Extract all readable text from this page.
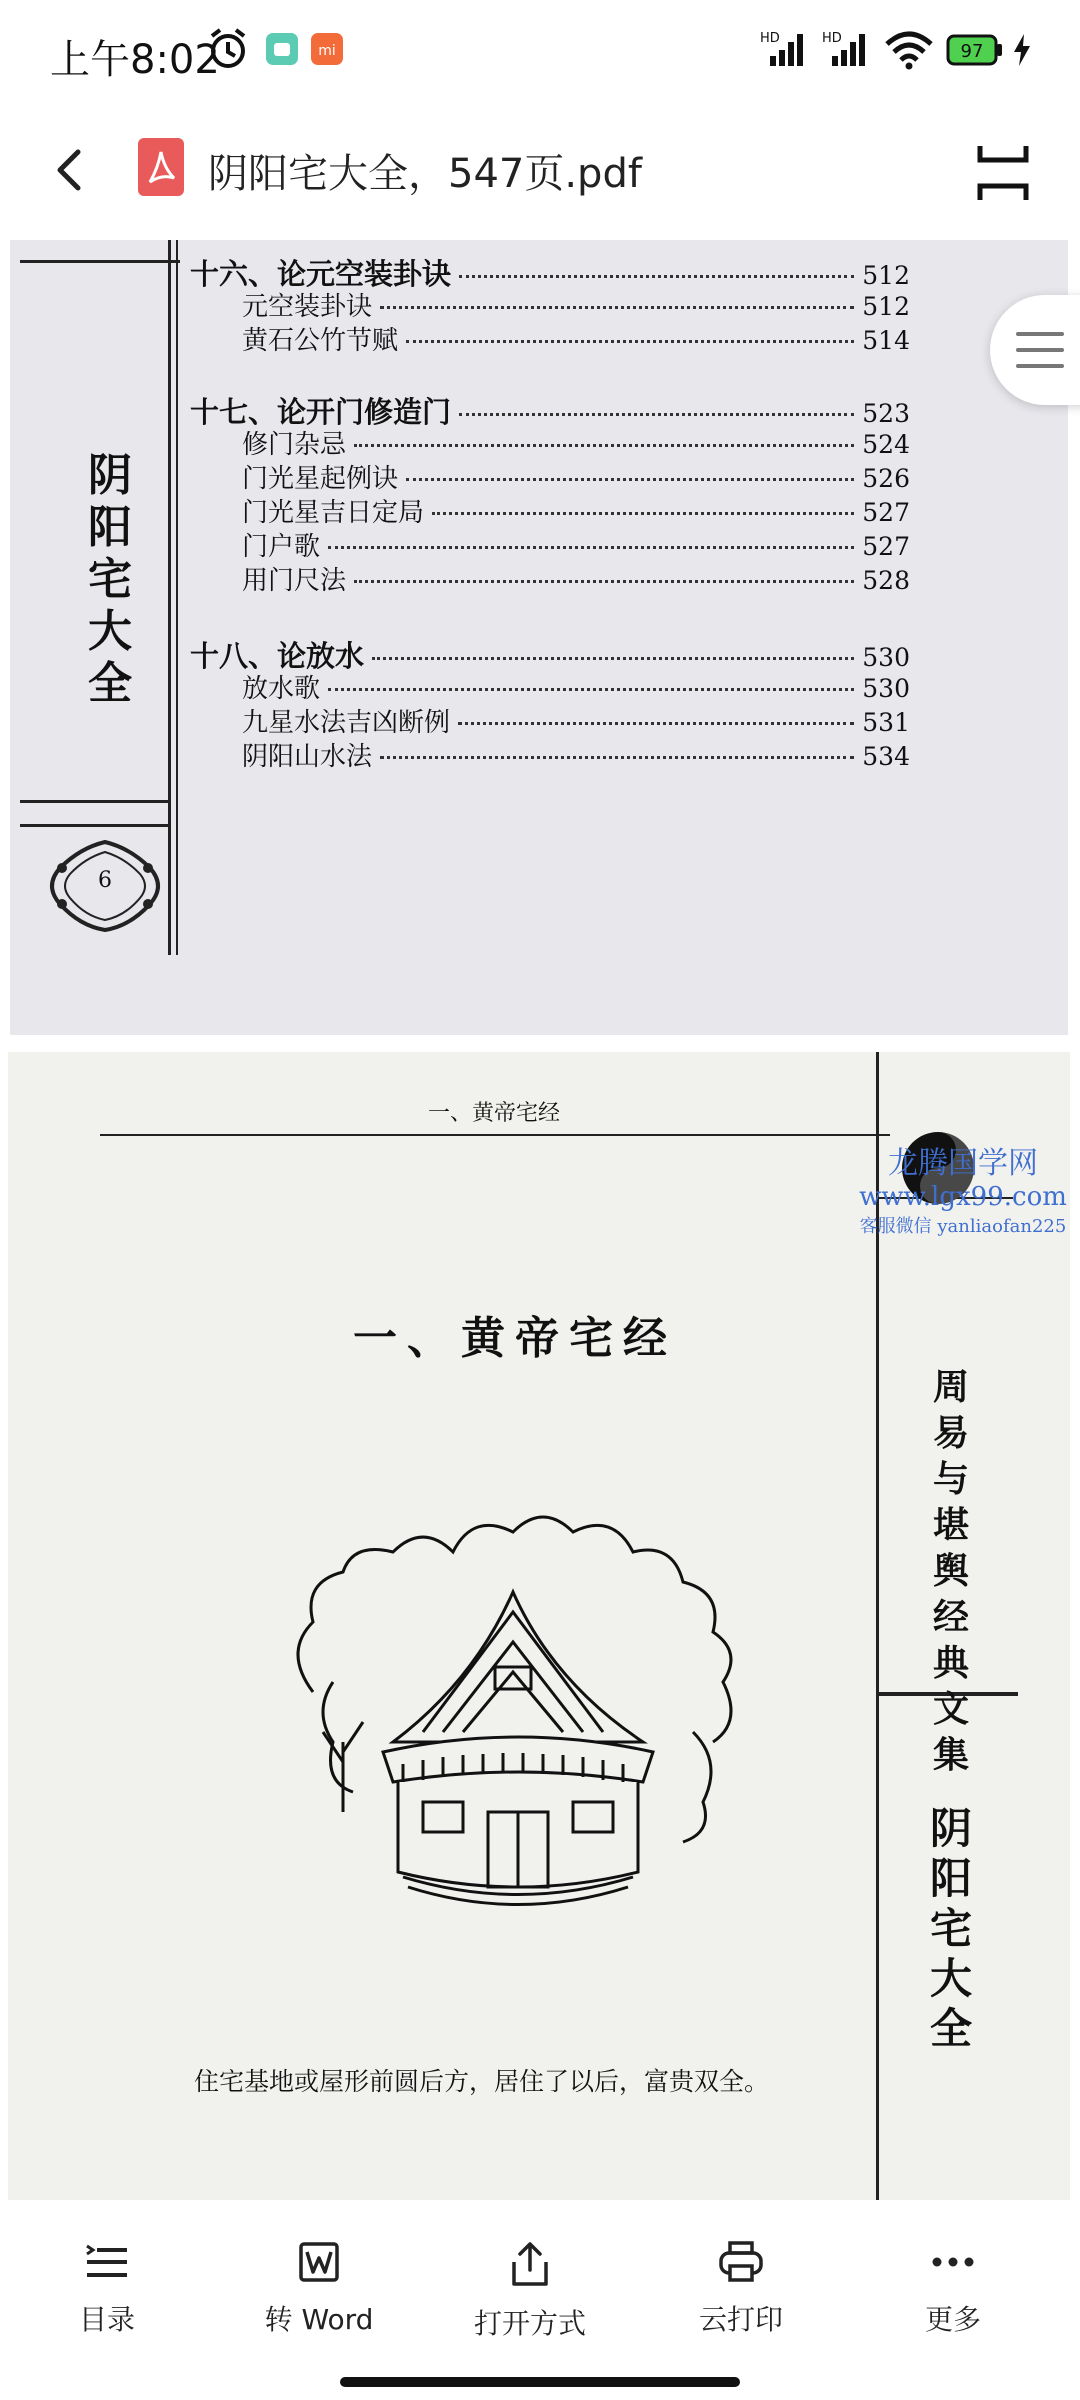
上午8:02	mi
HD	HD
97
阴阳宅大全，547页.pdf
阴阳宅大全
6
十六、论元空装卦诀	512
元空装卦诀	512
黄石公竹节赋	514
十七、论开门修造门	523
修门杂忌	524
门光星起例诀	526
门光星吉日定局	527
门户歌	527
用门尺法	528
十八、论放水	530
放水歌	530
九星水法吉凶断例	531
阴阳山水法	534
一、黄帝宅经
龙腾国学网
www.lgx99.com
客服微信 yanliaofan225
一、黄帝宅经
住宅基地或屋形前圆后方，居住了以后，富贵双全。
周易与堪舆经典文集
阴阳宅大全
目录	转 Word	打开方式	云打印	更多
